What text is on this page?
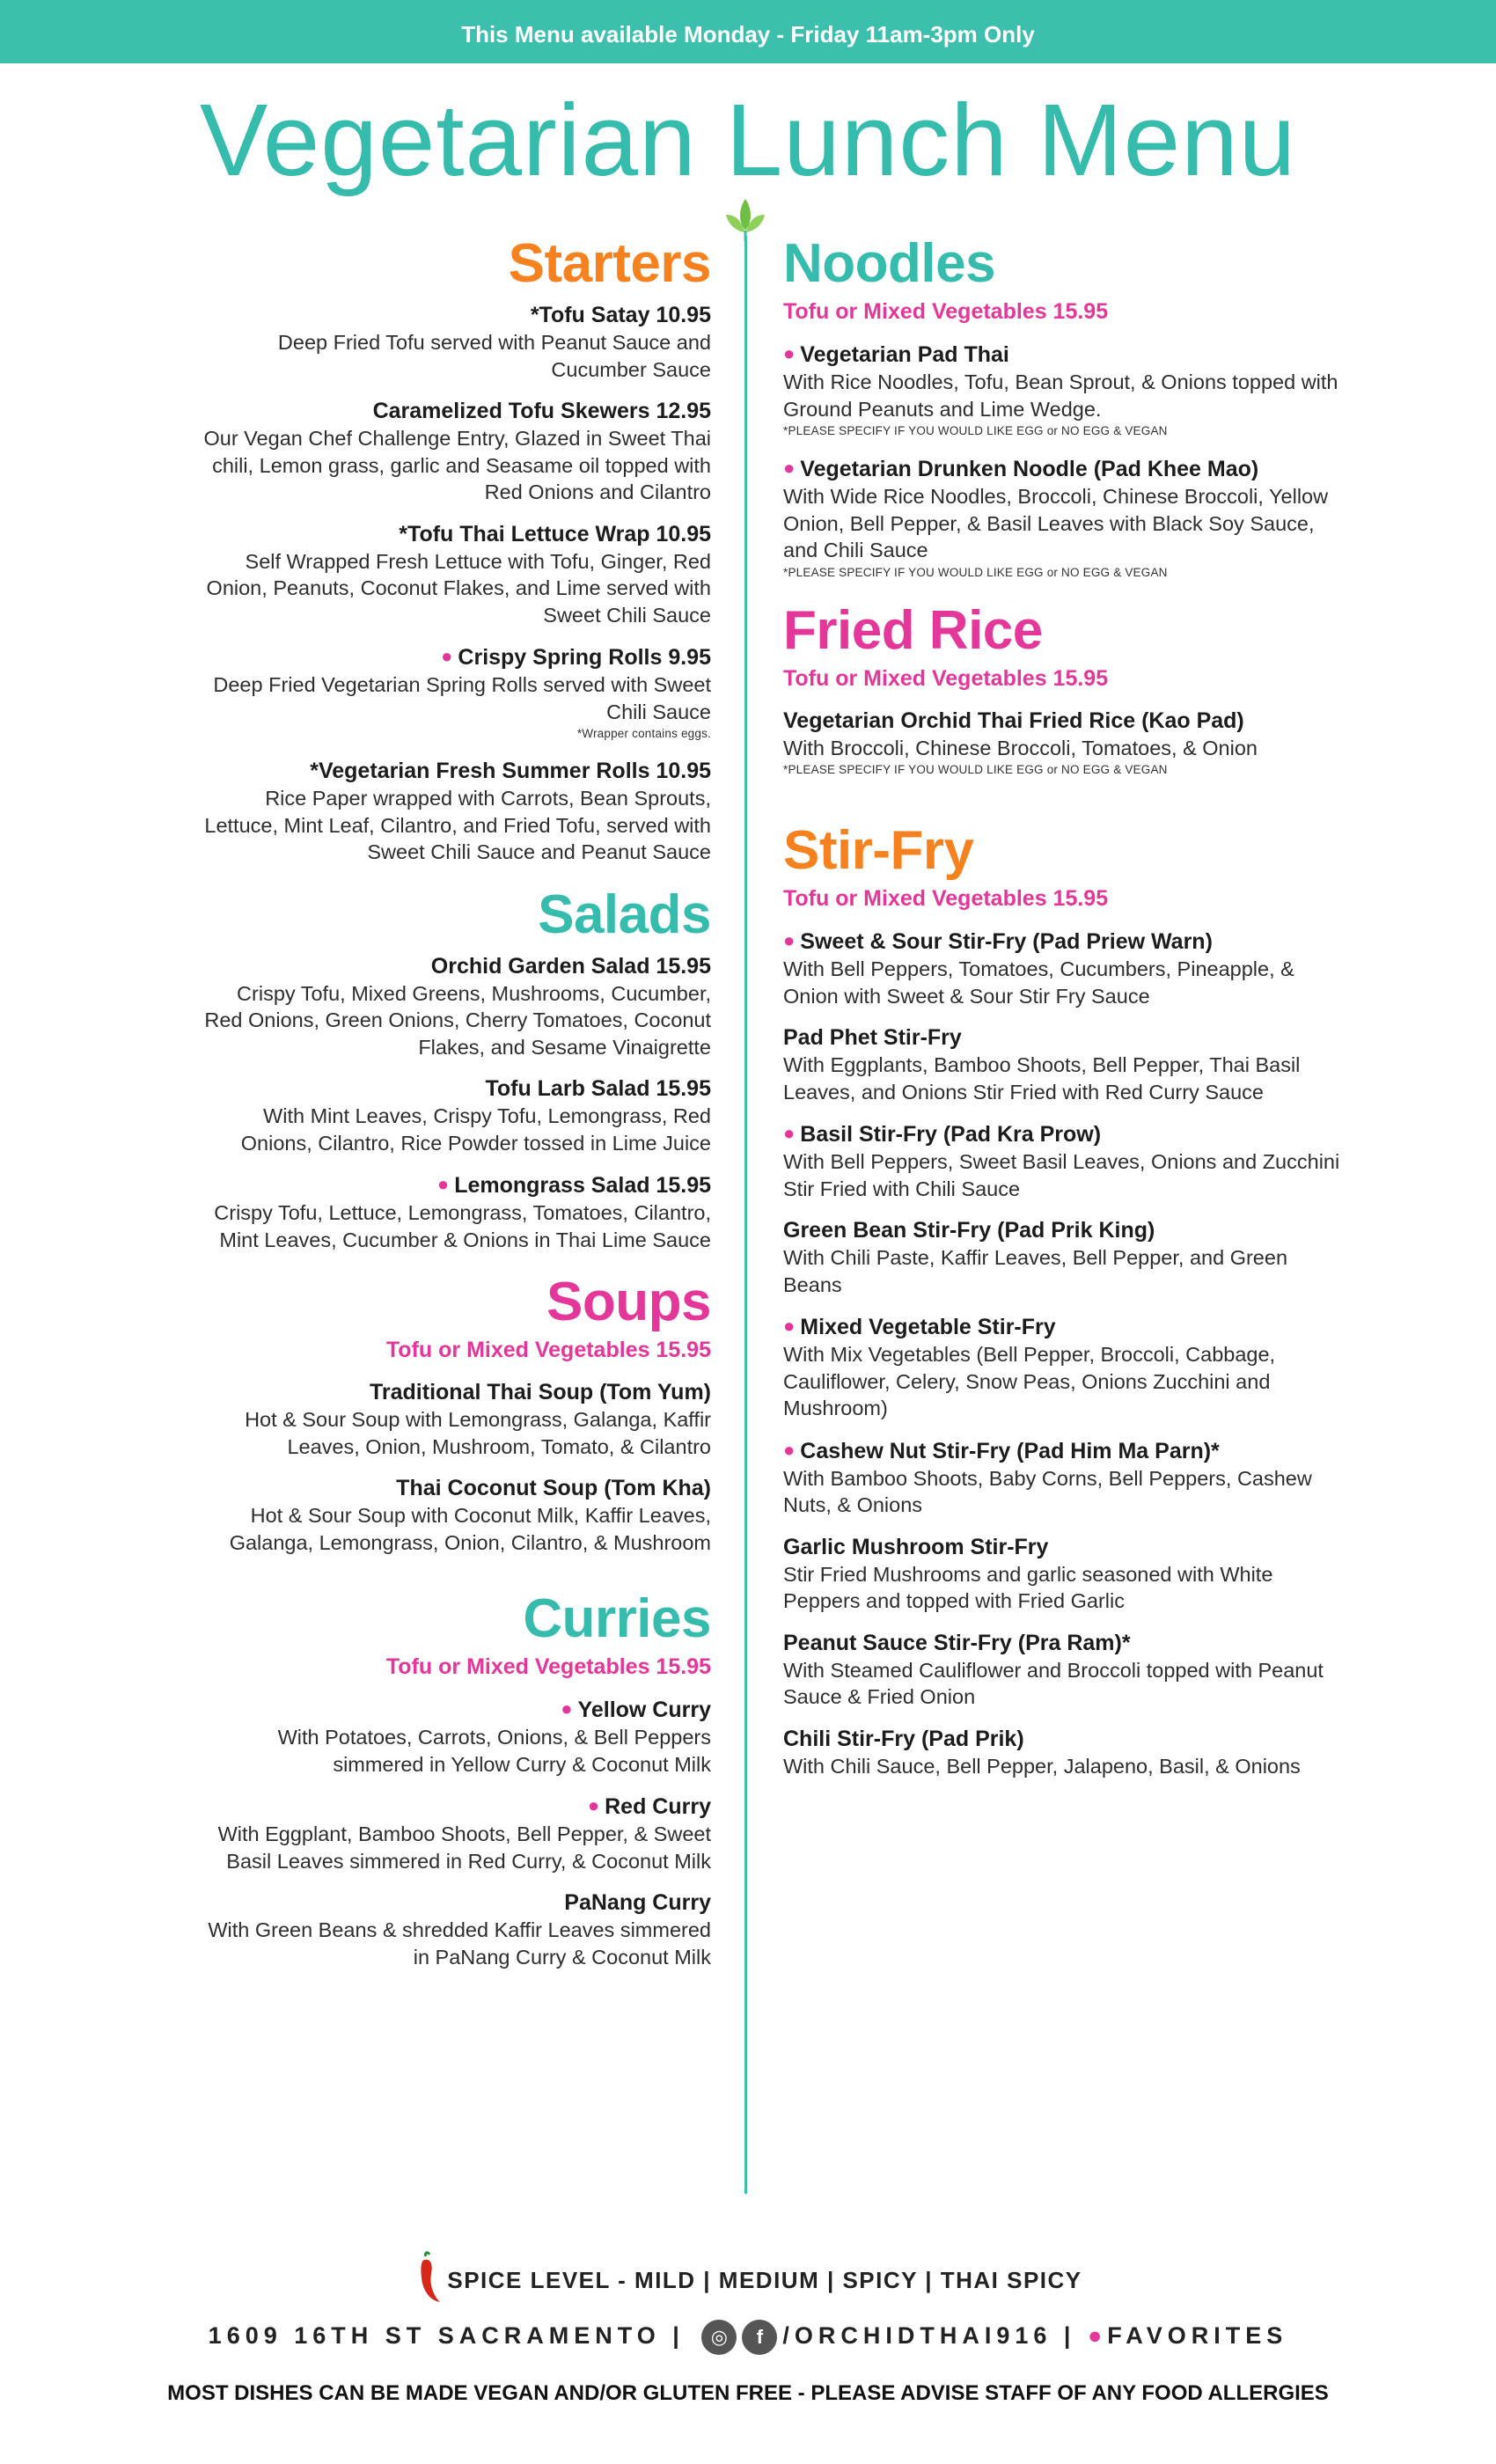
This Menu available Monday - Friday 11am-3pm Only
Vegetarian Lunch Menu
Starters
*Tofu Satay 10.95
Deep Fried Tofu served with Peanut Sauce and Cucumber Sauce
Caramelized Tofu Skewers 12.95
Our Vegan Chef Challenge Entry, Glazed in Sweet Thai chili, Lemon grass, garlic and Seasame oil topped with Red Onions and Cilantro
*Tofu Thai Lettuce Wrap 10.95
Self Wrapped Fresh Lettuce with Tofu, Ginger, Red Onion, Peanuts, Coconut Flakes, and Lime served with Sweet Chili Sauce
● Crispy Spring Rolls 9.95
Deep Fried Vegetarian Spring Rolls served with Sweet Chili Sauce
*Wrapper contains eggs.
*Vegetarian Fresh Summer Rolls 10.95
Rice Paper wrapped with Carrots, Bean Sprouts, Lettuce, Mint Leaf, Cilantro, and Fried Tofu, served with Sweet Chili Sauce and Peanut Sauce
Salads
Orchid Garden Salad 15.95
Crispy Tofu, Mixed Greens, Mushrooms, Cucumber, Red Onions, Green Onions, Cherry Tomatoes, Coconut Flakes, and Sesame Vinaigrette
Tofu Larb Salad 15.95
With Mint Leaves, Crispy Tofu, Lemongrass, Red Onions, Cilantro, Rice Powder tossed in Lime Juice
● Lemongrass Salad 15.95
Crispy Tofu, Lettuce, Lemongrass, Tomatoes, Cilantro, Mint Leaves, Cucumber & Onions in Thai Lime Sauce
Soups
Tofu or Mixed Vegetables 15.95
Traditional Thai Soup (Tom Yum)
Hot & Sour Soup with Lemongrass, Galanga, Kaffir Leaves, Onion, Mushroom, Tomato, & Cilantro
Thai Coconut Soup (Tom Kha)
Hot & Sour Soup with Coconut Milk, Kaffir Leaves, Galanga, Lemongrass, Onion, Cilantro, & Mushroom
Curries
Tofu or Mixed Vegetables 15.95
● Yellow Curry
With Potatoes, Carrots, Onions, & Bell Peppers simmered in Yellow Curry & Coconut Milk
● Red Curry
With Eggplant, Bamboo Shoots, Bell Pepper, & Sweet Basil Leaves simmered in Red Curry, & Coconut Milk
PaNang Curry
With Green Beans & shredded Kaffir Leaves simmered in PaNang Curry & Coconut Milk
Noodles
Tofu or Mixed Vegetables 15.95
● Vegetarian Pad Thai
With Rice Noodles, Tofu, Bean Sprout, & Onions topped with Ground Peanuts and Lime Wedge.
*PLEASE SPECIFY IF YOU WOULD LIKE EGG or NO EGG & VEGAN
● Vegetarian Drunken Noodle (Pad Khee Mao)
With Wide Rice Noodles, Broccoli, Chinese Broccoli, Yellow Onion, Bell Pepper, & Basil Leaves with Black Soy Sauce, and Chili Sauce
*PLEASE SPECIFY IF YOU WOULD LIKE EGG or NO EGG & VEGAN
Fried Rice
Tofu or Mixed Vegetables 15.95
Vegetarian Orchid Thai Fried Rice (Kao Pad)
With Broccoli, Chinese Broccoli, Tomatoes, & Onion
*PLEASE SPECIFY IF YOU WOULD LIKE EGG or NO EGG & VEGAN
Stir-Fry
Tofu or Mixed Vegetables 15.95
● Sweet & Sour Stir-Fry (Pad Priew Warn)
With Bell Peppers, Tomatoes, Cucumbers, Pineapple, & Onion with Sweet & Sour Stir Fry Sauce
Pad Phet Stir-Fry
With Eggplants, Bamboo Shoots, Bell Pepper, Thai Basil Leaves, and Onions Stir Fried with Red Curry Sauce
● Basil Stir-Fry (Pad Kra Prow)
With Bell Peppers, Sweet Basil Leaves, Onions and Zucchini Stir Fried with Chili Sauce
Green Bean Stir-Fry (Pad Prik King)
With Chili Paste, Kaffir Leaves, Bell Pepper, and Green Beans
● Mixed Vegetable Stir-Fry
With Mix Vegetables (Bell Pepper, Broccoli, Cabbage, Cauliflower, Celery, Snow Peas, Onions Zucchini and Mushroom)
● Cashew Nut Stir-Fry (Pad Him Ma Parn)*
With Bamboo Shoots, Baby Corns, Bell Peppers, Cashew Nuts, & Onions
Garlic Mushroom Stir-Fry
Stir Fried Mushrooms and garlic seasoned with White Peppers and topped with Fried Garlic
Peanut Sauce Stir-Fry (Pra Ram)*
With Steamed Cauliflower and Broccoli topped with Peanut Sauce & Fried Onion
Chili Stir-Fry (Pad Prik)
With Chili Sauce, Bell Pepper, Jalapeno, Basil, & Onions
SPICE LEVEL - MILD | MEDIUM | SPICY | THAI SPICY
1609 16TH ST SACRAMENTO | ◎ f /ORCHIDTHAI916 | ●FAVORITES
MOST DISHES CAN BE MADE VEGAN AND/OR GLUTEN FREE - PLEASE ADVISE STAFF OF ANY FOOD ALLERGIES
